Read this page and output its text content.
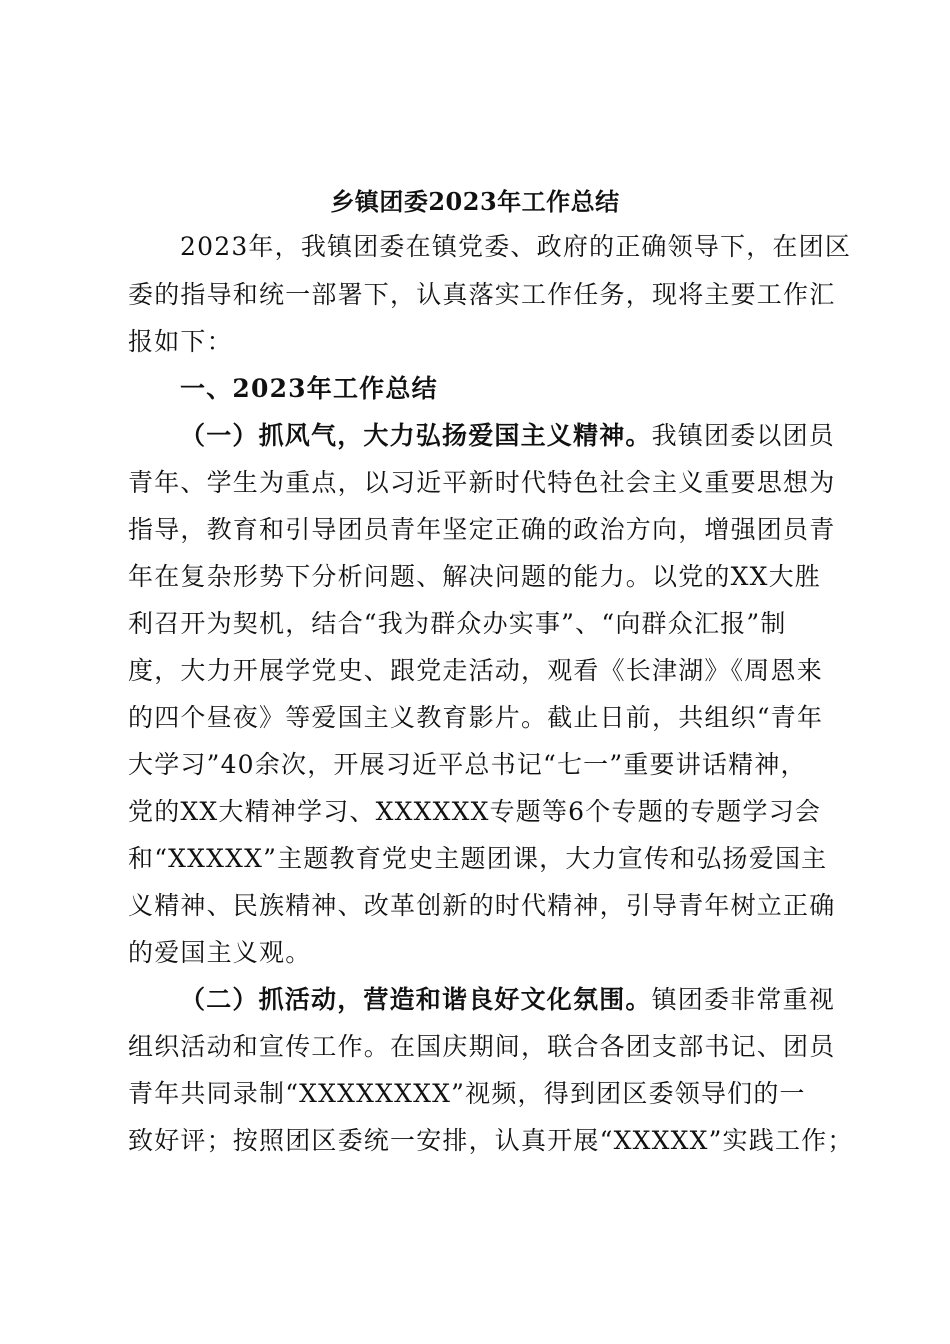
乡镇团委2023年工作总结
2023年，我镇团委在镇党委、政府的正确领导下，在团区
委的指导和统一部署下，认真落实工作任务，现将主要工作汇
报如下：
一、2023年工作总结
（一）抓风气，大力弘扬爱国主义精神。我镇团委以团员
青年、学生为重点，以习近平新时代特色社会主义重要思想为
指导，教育和引导团员青年坚定正确的政治方向，增强团员青
年在复杂形势下分析问题、解决问题的能力。以党的XX大胜
利召开为契机，结合“我为群众办实事”、“向群众汇报”制
度，大力开展学党史、跟党走活动，观看《长津湖》《周恩来
的四个昼夜》等爱国主义教育影片。截止日前，共组织“青年
大学习”40余次，开展习近平总书记“七一”重要讲话精神，
党的XX大精神学习、XXXXXX专题等6个专题的专题学习会
和“XXXXX”主题教育党史主题团课，大力宣传和弘扬爱国主
义精神、民族精神、改革创新的时代精神，引导青年树立正确
的爱国主义观。
（二）抓活动，营造和谐良好文化氛围。镇团委非常重视
组织活动和宣传工作。在国庆期间，联合各团支部书记、团员
青年共同录制“XXXXXXXX”视频，得到团区委领导们的一
致好评；按照团区委统一安排，认真开展“XXXXX”实践工作；
